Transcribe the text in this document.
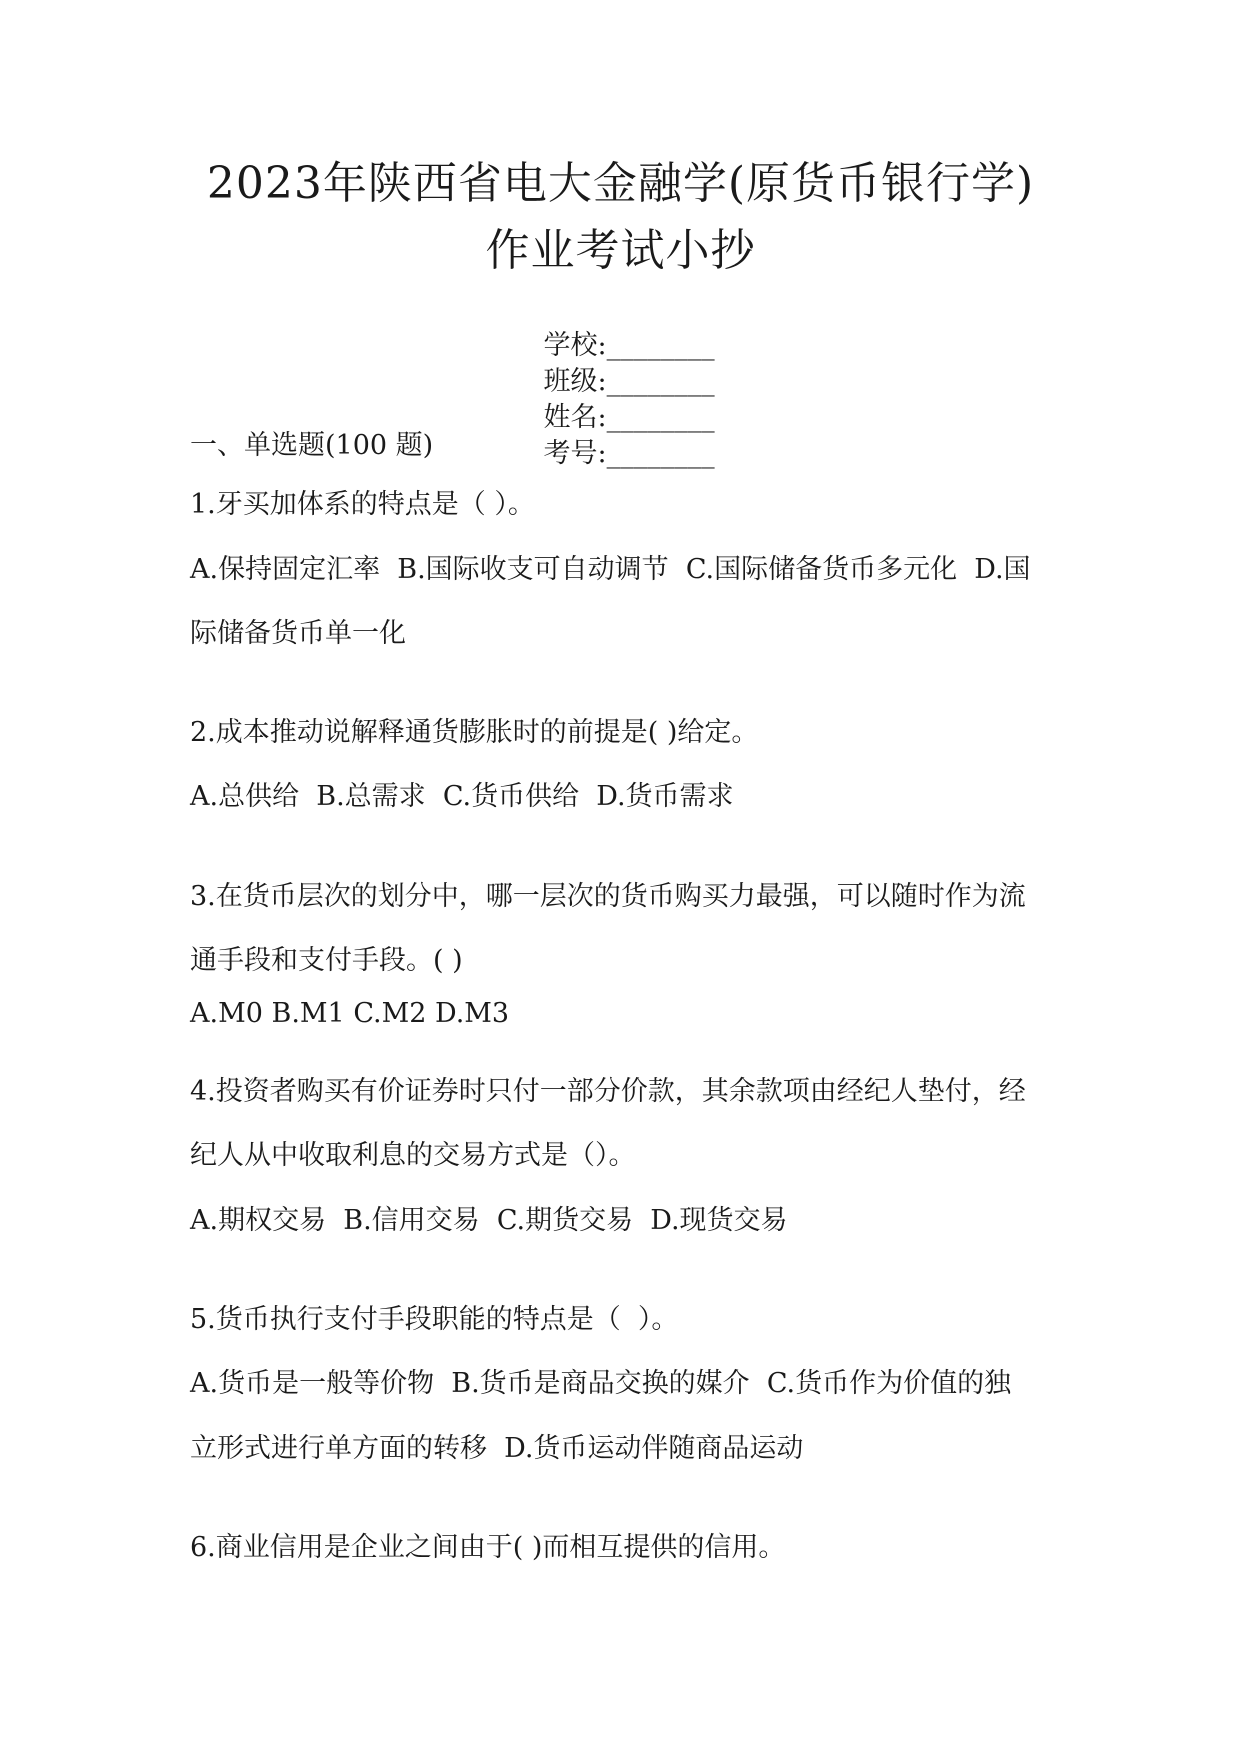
2023年陕西省电大金融学(原货币银行学)
作业考试小抄

学校:________
班级:________
姓名:________
考号:________

一、单选题(100 题)
1.牙买加体系的特点是（ ）。
A.保持固定汇率  B.国际收支可自动调节  C.国际储备货币多元化  D.国
际储备货币单一化
2.成本推动说解释通货膨胀时的前提是( )给定。
A.总供给  B.总需求  C.货币供给  D.货币需求
3.在货币层次的划分中，哪一层次的货币购买力最强，可以随时作为流
通手段和支付手段。( )
A.M0 B.M1 C.M2 D.M3
4.投资者购买有价证券时只付一部分价款，其余款项由经纪人垫付，经
纪人从中收取利息的交易方式是（）。
A.期权交易  B.信用交易  C.期货交易  D.现货交易
5.货币执行支付手段职能的特点是（  ）。
A.货币是一般等价物  B.货币是商品交换的媒介  C.货币作为价值的独
立形式进行单方面的转移  D.货币运动伴随商品运动
6.商业信用是企业之间由于( )而相互提供的信用。
